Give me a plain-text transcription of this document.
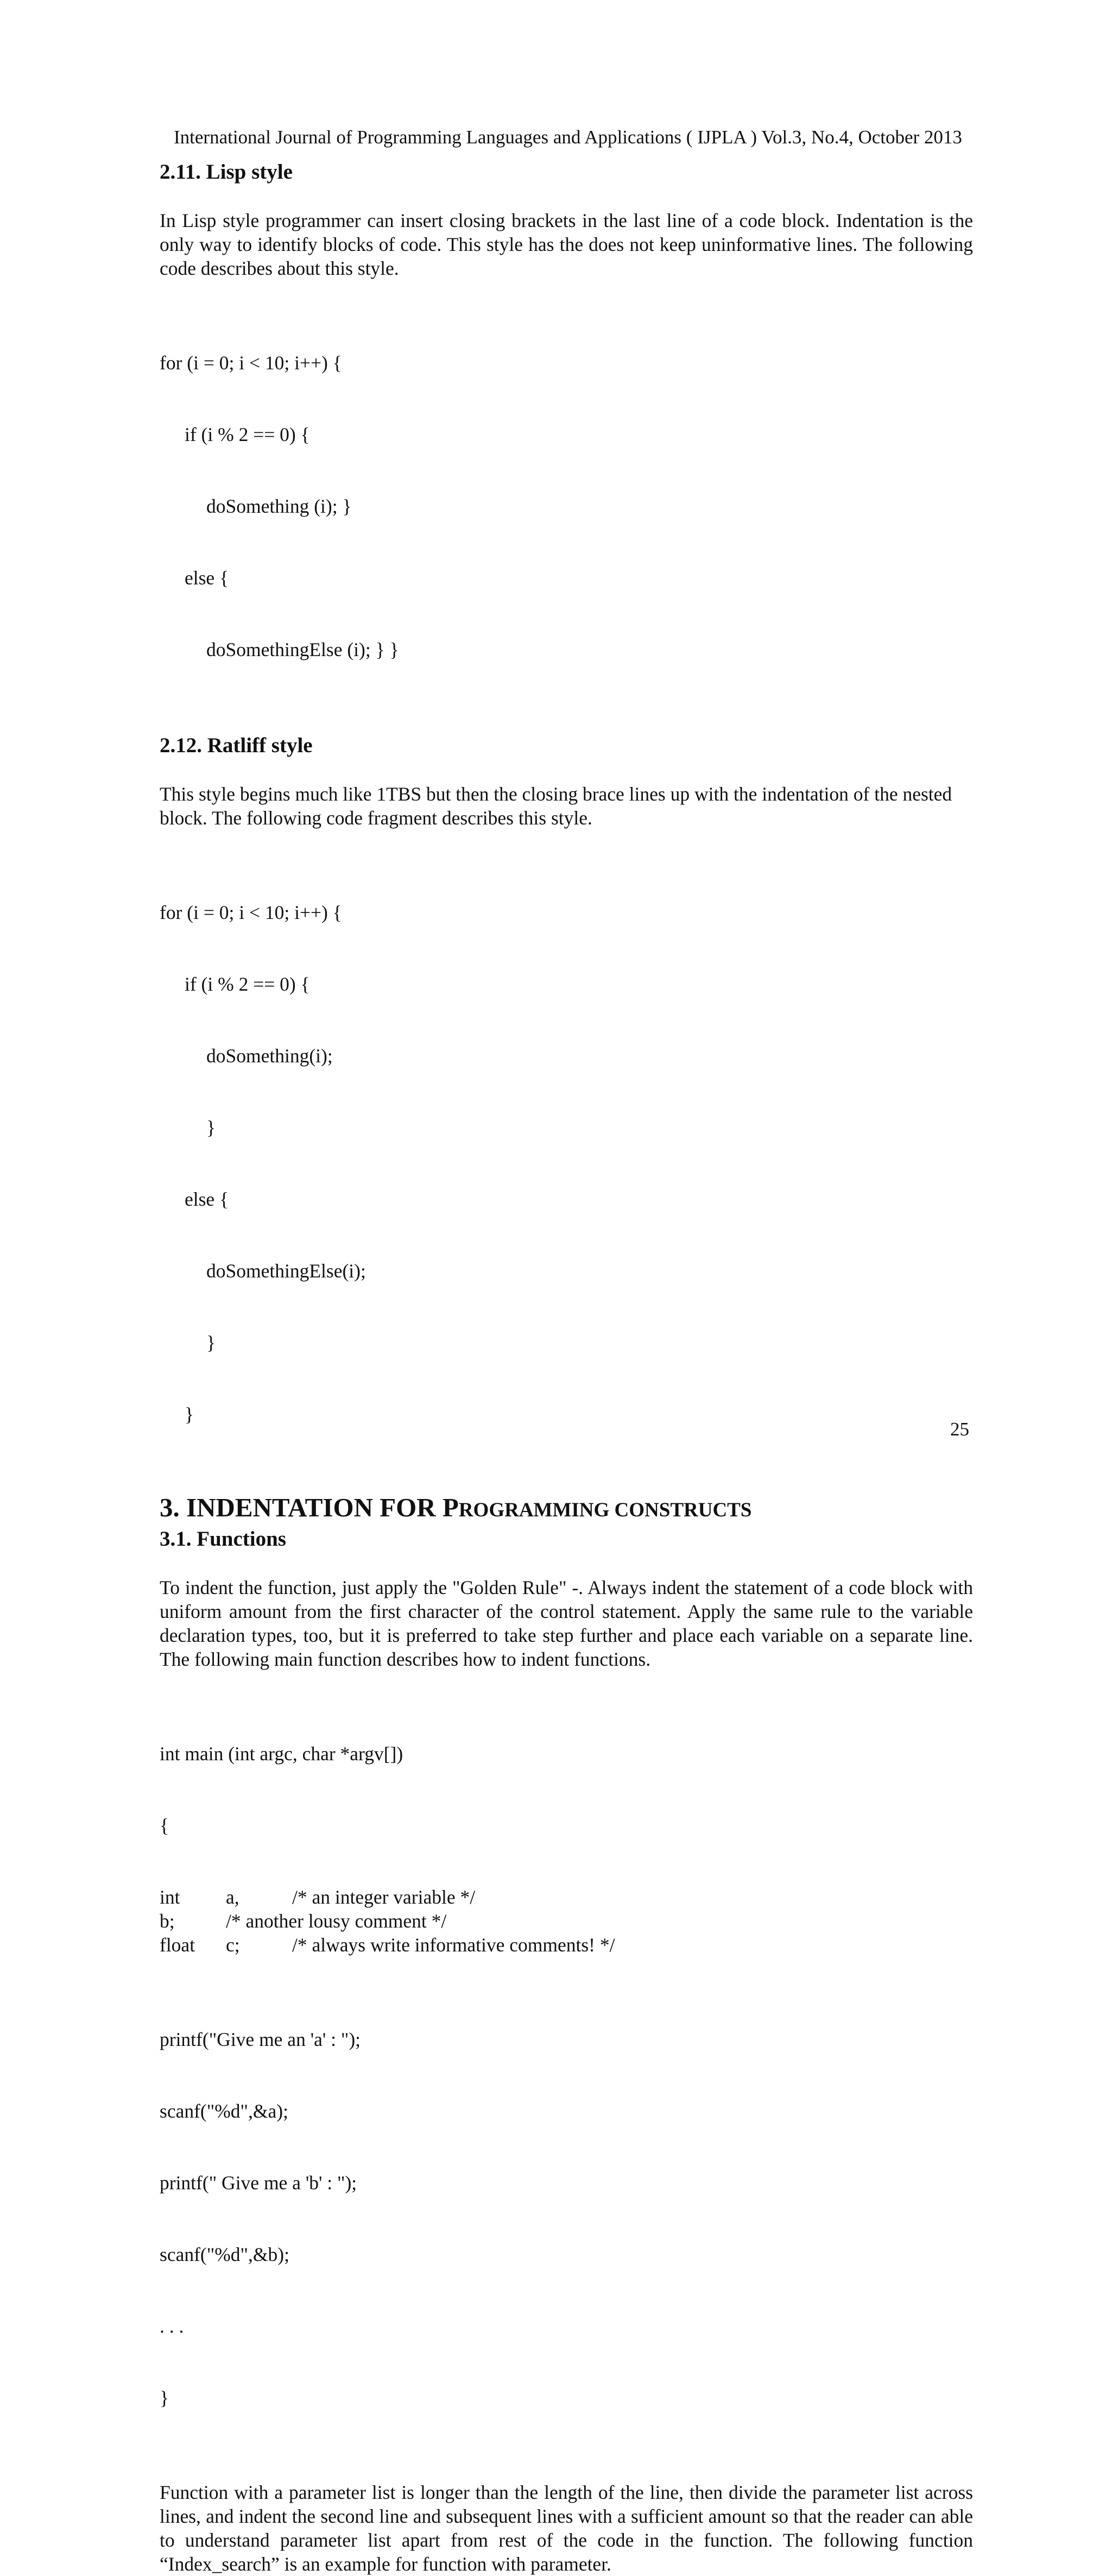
International Journal of Programming Languages and Applications ( IJPLA ) Vol.3, No.4, October 2013
2.11. Lisp style

In Lisp style programmer can insert closing brackets in the last line of a code block. Indentation is the only way to identify blocks of code. This style has the does not keep uninformative lines. The following code describes about this style.

for (i = 0; i < 10; i++) {

if (i % 2 == 0) {

doSomething (i); }

else {

doSomethingElse (i); } }

2.12. Ratliff style

This style begins much like 1TBS but then the closing brace lines up with the indentation of the nested block. The following code fragment describes this style.

for (i = 0; i < 10; i++) {

if (i % 2 == 0) {

doSomething(i);

}

else {

doSomethingElse(i);

}

}

3. INDENTATION FOR PROGRAMMING CONSTRUCTS
3.1. Functions

To indent the function, just apply the "Golden Rule" -. Always indent the statement of a code block with uniform amount from the first character of the control statement. Apply the same rule to the variable declaration types, too, but it is preferred to take step further and place each variable on a separate line. The following main function describes how to indent functions.

int main (int argc, char *argv[])

{

int	a,	/* an integer variable */
b;	/* another lousy comment */
float	c;	/* always write informative comments! */

printf("Give me an 'a' : ");

scanf("%d",&a);

printf(" Give me a 'b' : ");

scanf("%d",&b);

. . .

}

Function with a parameter list is longer than the length of the line, then divide the parameter list across lines, and indent the second line and subsequent lines with a sufficient amount so that the reader can able to understand parameter list apart from rest of the code in the function. The following function “Index_search” is an example for function with parameter.

25
